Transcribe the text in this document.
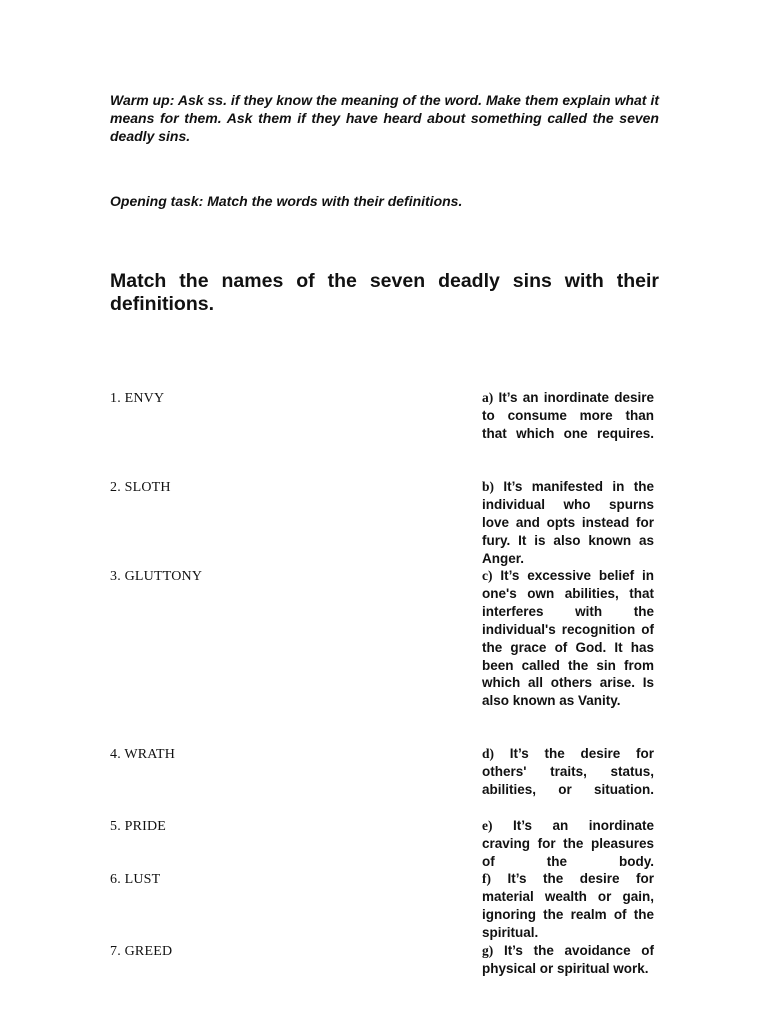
Warm up: Ask ss. if they know the meaning of the word. Make them explain what it means for them. Ask them if they have heard about something called the seven deadly sins.

Opening task: Match the words with their definitions.

Match the names of the seven deadly sins with their definitions.

1. ENVY

2. SLOTH

3. GLUTTONY

4. WRATH

5. PRIDE

6. LUST

7. GREED

a) It’s an inordinate desire to consume more than that which one requires.

b) It’s manifested in the individual who spurns love and opts instead for fury. It is also known as Anger.

c) It’s excessive belief in one's own abilities, that interferes with the individual's recognition of the grace of God. It has been called the sin from which all others arise. Is also known as Vanity.

d) It’s the desire for others' traits, status, abilities, or situation.

e) It’s an inordinate craving for the pleasures of the body.

f) It’s the desire for material wealth or gain, ignoring the realm of the spiritual.

g) It’s the avoidance of physical or spiritual work.
